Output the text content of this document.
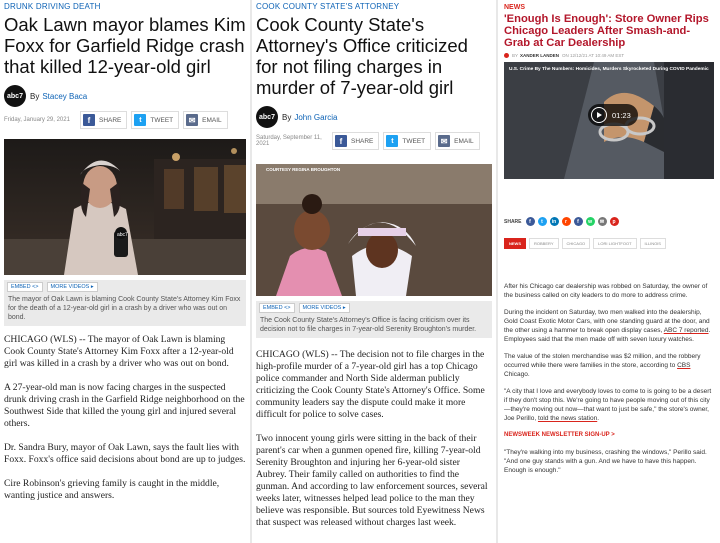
DRUNK DRIVING DEATH
Oak Lawn mayor blames Kim Foxx for Garfield Ridge crash that killed 12-year-old girl
abc7 By Stacey Baca
Friday, January 29, 2021	f	SHARE	t	TWEET	✉	EMAIL
abc7
EMBED <>	MORE VIDEOS ▸
The mayor of Oak Lawn is blaming Cook County State's Attorney Kim Foxx for the death of a 12-year-old girl in a crash by a driver who was out on bond.

CHICAGO (WLS) -- The mayor of Oak Lawn is blaming Cook County State's Attorney Kim Foxx after a 12-year-old girl was killed in a crash by a driver who was out on bond.

A 27-year-old man is now facing charges in the suspected drunk driving crash in the Garfield Ridge neighborhood on the Southwest Side that killed the young girl and injured several others.

Dr. Sandra Bury, mayor of Oak Lawn, says the fault lies with Foxx. Foxx's office said decisions about bond are up to judges.

Cire Robinson's grieving family is caught in the middle, wanting justice and answers.

COOK COUNTY STATE'S ATTORNEY
Cook County State's Attorney's Office criticized for not filing charges in murder of 7-year-old girl
abc7 By John Garcia
Saturday, September 11, 2021	f	SHARE	t	TWEET	✉	EMAIL
COURTESY REGINA BROUGHTON
EMBED <>	MORE VIDEOS ▸
The Cook County State's Attorney's Office is facing criticism over its decision not to file charges in 7-year-old Serenity Broughton's murder.

CHICAGO (WLS) -- The decision not to file charges in the high-profile murder of a 7-year-old girl has a top Chicago police commander and North Side alderman publicly criticizing the Cook County State's Attorney's Office. Some community leaders say the dispute could make it more difficult for police to solve cases.

Two innocent young girls were sitting in the back of their parent's car when a gunmen opened fire, killing 7-year-old Serenity Broughton and injuring her 6-year-old sister Aubrey. Their family called on authorities to find the gunman. And according to law enforcement sources, several weeks later, witnesses helped lead police to the man they believe was responsible. But sources told Eyewitness News that suspect was released without charges last week.

NEWS
'Enough Is Enough': Store Owner Rips Chicago Leaders After Smash-and-Grab at Car Dealership
BY XANDER LANDEN ON 12/12/21 AT 10:49 AM EST
U.S. Crime By The Numbers: Homicides, Murders Skyrocketed During COVID Pandemic
01:23
SHARE	f	t	in	r	f	w	✉	p
NEWS	ROBBERY	CHICAGO	LORI LIGHTFOOT	ILLINOIS

After his Chicago car dealership was robbed on Saturday, the owner of the business called on city leaders to do more to address crime.

During the incident on Saturday, two men walked into the dealership, Gold Coast Exotic Motor Cars, with one standing guard at the door, and the other using a hammer to break open display cases, ABC 7 reported. Employees said that the men made off with seven luxury watches.

The value of the stolen merchandise was $2 million, and the robbery occurred while there were families in the store, according to CBS Chicago.

"A city that I love and everybody loves to come to is going to be a desert if they don't stop this. We're going to have people moving out of this city—they're moving out now—that want to just be safe," the store's owner, Joe Perillo, told the news station.

NEWSWEEK NEWSLETTER SIGN-UP >

"They're walking into my business, crashing the windows," Perillo said. "And one guy stands with a gun. And we have to have this happen. Enough is enough."
